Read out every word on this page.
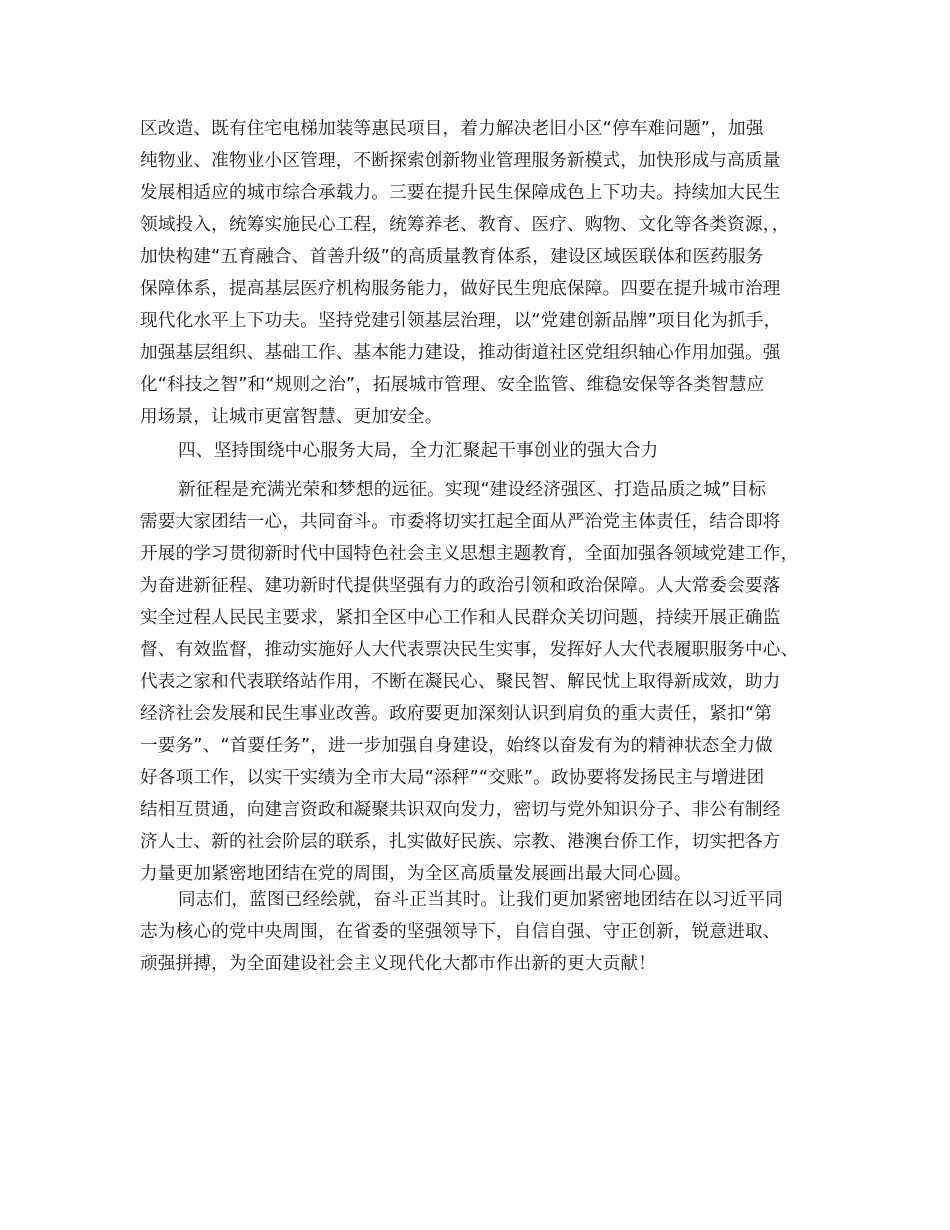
区改造、既有住宅电梯加装等惠民项目，着力解决老旧小区“停车难问题”，加强
纯物业、准物业小区管理，不断探索创新物业管理服务新模式，加快形成与高质量
发展相适应的城市综合承载力。三要在提升民生保障成色上下功夫。持续加大民生
领域投入，统筹实施民心工程，统筹养老、教育、医疗、购物、文化等各类资源，，
加快构建“五育融合、首善升级”的高质量教育体系，建设区域医联体和医药服务
保障体系，提高基层医疗机构服务能力，做好民生兜底保障。四要在提升城市治理
现代化水平上下功夫。坚持党建引领基层治理，以“党建创新品牌”项目化为抓手，
加强基层组织、基础工作、基本能力建设，推动街道社区党组织轴心作用加强。强
化“科技之智”和“规则之治”，拓展城市管理、安全监管、维稳安保等各类智慧应
用场景，让城市更富智慧、更加安全。
四、坚持围绕中心服务大局，全力汇聚起干事创业的强大合力
新征程是充满光荣和梦想的远征。实现“建设经济强区、打造品质之城”目标
需要大家团结一心，共同奋斗。市委将切实扛起全面从严治党主体责任，结合即将
开展的学习贯彻新时代中国特色社会主义思想主题教育，全面加强各领域党建工作，
为奋进新征程、建功新时代提供坚强有力的政治引领和政治保障。人大常委会要落
实全过程人民民主要求，紧扣全区中心工作和人民群众关切问题，持续开展正确监
督、有效监督，推动实施好人大代表票决民生实事，发挥好人大代表履职服务中心、
代表之家和代表联络站作用，不断在凝民心、聚民智、解民忧上取得新成效，助力
经济社会发展和民生事业改善。政府要更加深刻认识到肩负的重大责任，紧扣“第
一要务”、“首要任务”，进一步加强自身建设，始终以奋发有为的精神状态全力做
好各项工作，以实干实绩为全市大局“添秤”“交账”。政协要将发扬民主与增进团
结相互贯通，向建言资政和凝聚共识双向发力，密切与党外知识分子、非公有制经
济人士、新的社会阶层的联系，扎实做好民族、宗教、港澳台侨工作，切实把各方
力量更加紧密地团结在党的周围，为全区高质量发展画出最大同心圆。
同志们，蓝图已经绘就，奋斗正当其时。让我们更加紧密地团结在以习近平同
志为核心的党中央周围，在省委的坚强领导下，自信自强、守正创新，锐意进取、
顽强拼搏，为全面建设社会主义现代化大都市作出新的更大贡献！
